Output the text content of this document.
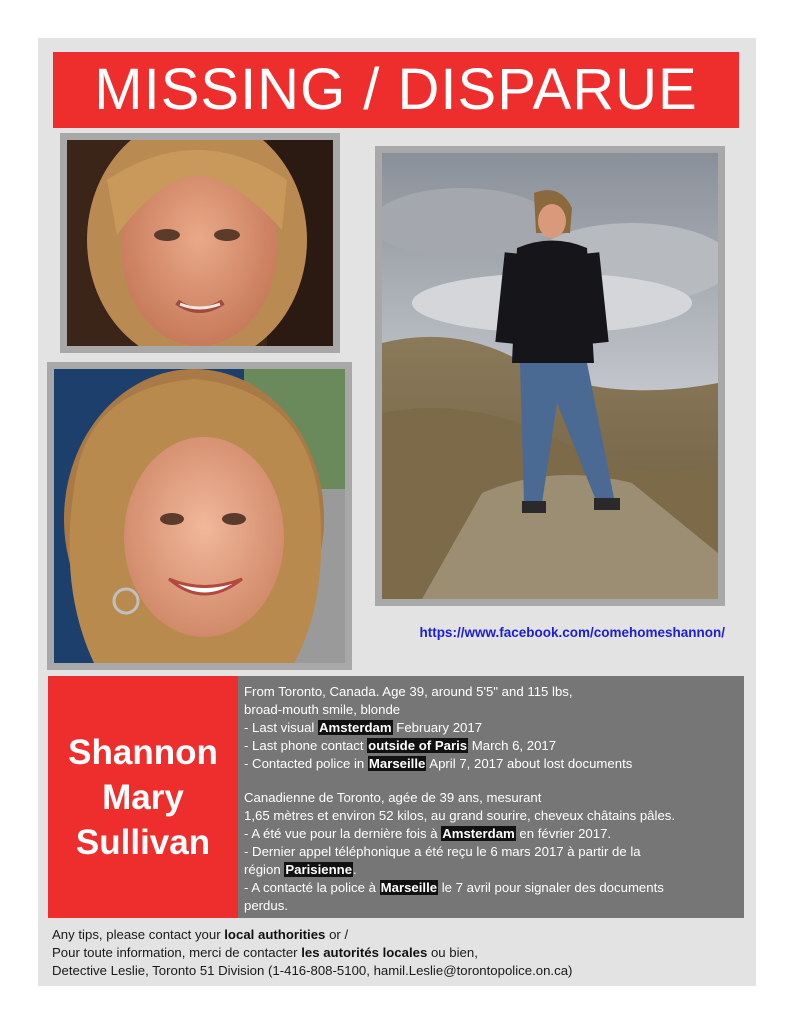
MISSING / DISPARUE
https://www.facebook.com/comehomeshannon/
Shannon
Mary
Sullivan
From Toronto, Canada. Age 39, around 5'5" and 115 lbs,
broad-mouth smile, blonde
- Last visual Amsterdam February 2017
- Last phone contact outside of Paris March 6, 2017
- Contacted police in Marseille April 7, 2017 about lost documents
Canadienne de Toronto, agée de 39 ans, mesurant
1,65 mètres et environ 52 kilos, au grand sourire, cheveux châtains pâles.
- A été vue pour la dernière fois à Amsterdam en février 2017.
- Dernier appel téléphonique a été reçu le 6 mars 2017 à partir de la
région Parisienne.
- A contacté la police à Marseille le 7 avril pour signaler des documents
perdus.
Any tips, please contact your local authorities or /
Pour toute information, merci de contacter les autorités locales ou bien,
Detective Leslie, Toronto 51 Division (1-416-808-5100, hamil.Leslie@torontopolice.on.ca)
